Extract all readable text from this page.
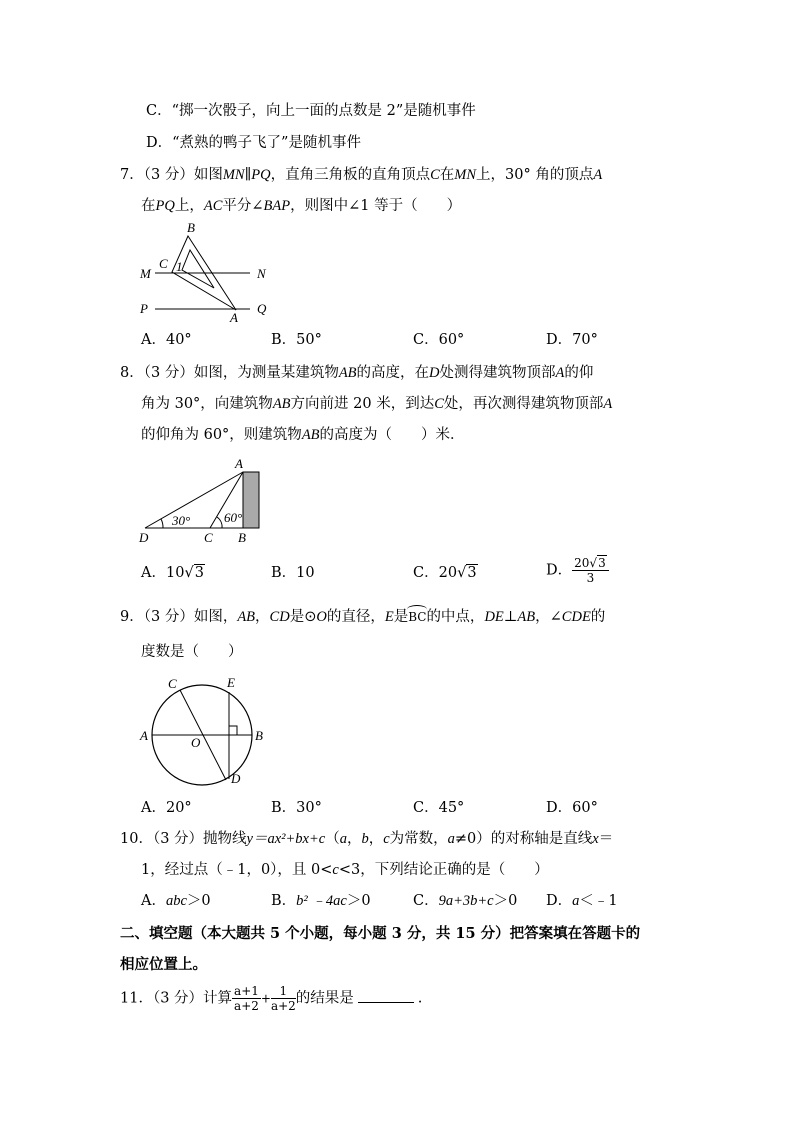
C．“掷一次骰子，向上一面的点数是 2”是随机事件
D．“煮熟的鸭子飞了”是随机事件
7．（3 分）如图MN∥PQ，直角三角板的直角顶点C在MN上，30° 角的顶点A
在PQ上，AC平分∠BAP，则图中∠1 等于（　　）
B
C 1
M	N
P	Q
A
A．40°	B．50°	C．60°	D．70°
8．（3 分）如图，为测量某建筑物AB的高度，在D处测得建筑物顶部A的仰
角为 30°，向建筑物AB方向前进 20 米，到达C处，再次测得建筑物顶部A
的仰角为 60°，则建筑物AB的高度为（　　）米．
A
D	C B
30°	60°
A．10√3	B．10	C．20√3	D． $\frac{20√3}{3}$
9．（3 分）如图，AB，CD是⊙O的直径，E是BC的中点，DE⊥AB，∠CDE的
度数是（　　）
C	E
A	O	B
D
A．20°	B．30°	C．45°	D．60°
10．（3 分）抛物线y＝ax²+bx+c（a，b，c为常数，a≠0）的对称轴是直线x＝
1，经过点（﹣1，0），且 0<c<3，下列结论正确的是（　　）
A．abc＞0	B．b² ﹣4ac＞0	C．9a+3b+c＞0 D．a＜﹣1
二、填空题（本大题共 5 个小题，每小题 3 分，共 15 分）把答案填在答题卡的
相应位置上。
11．（3 分）计算 $\frac{a+1}{a+2} + \frac{1}{a+2}$ 的结果是	.
